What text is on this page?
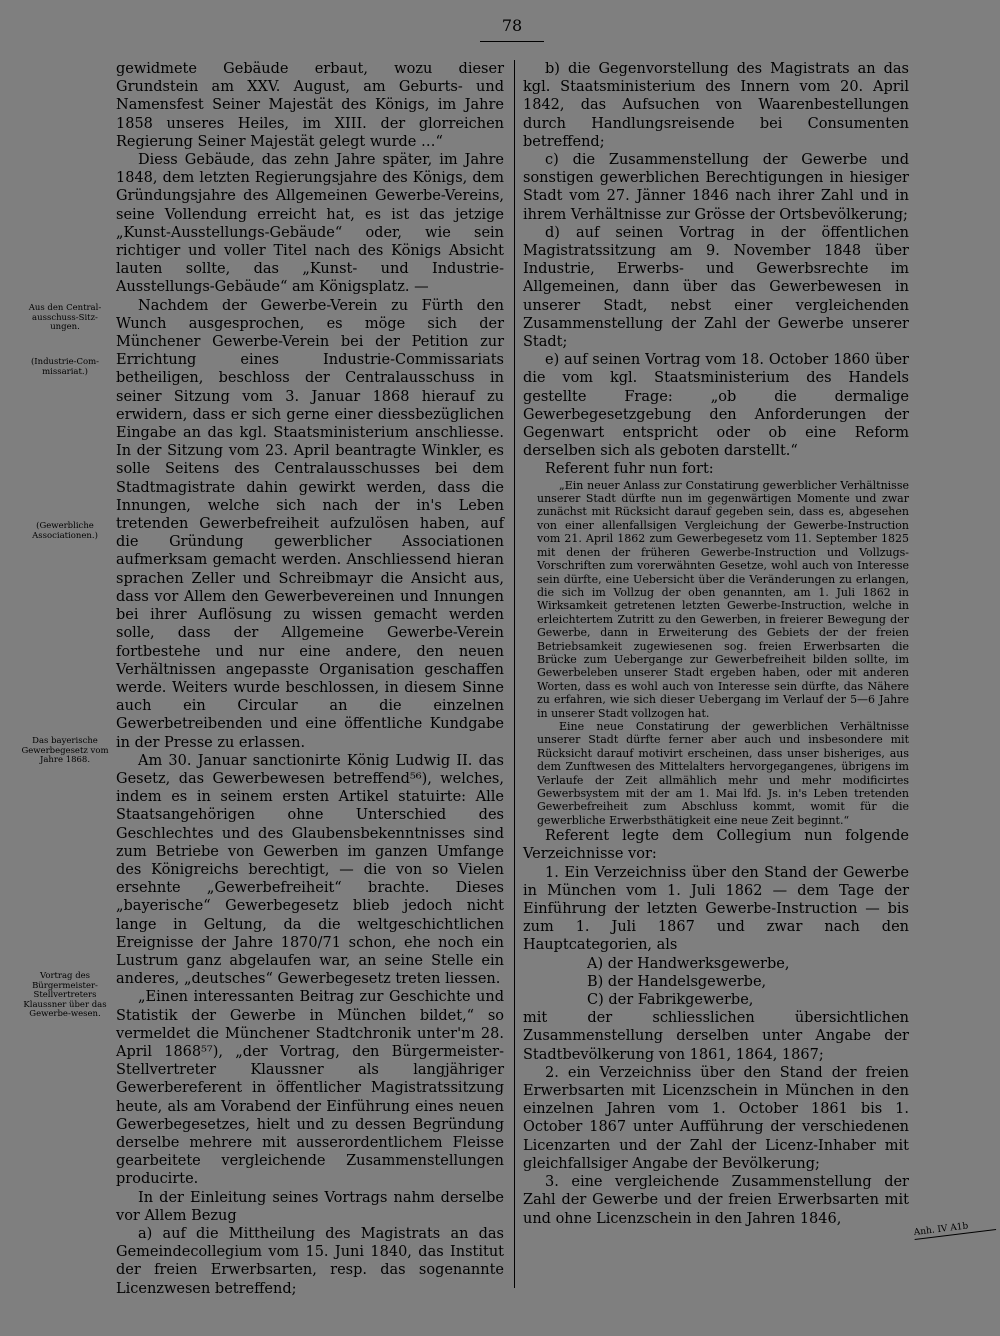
78
Aus den Central-ausschuss-Sitz-ungen.
(Industrie-Com-missariat.)
(Gewerbliche Associationen.)
Das bayerische Gewerbegesetz vom Jahre 1868.
Vortrag des Bürgermeister-Stellvertreters Klaussner über das Gewerbe-wesen.
Anh. IV A1b

gewidmete Gebäude erbaut, wozu dieser Grundstein am XXV. August, am Geburts- und Namensfest Seiner Majestät des Königs, im Jahre 1858 unseres Heiles, im XIII. der glorreichen Regierung Seiner Majestät gelegt wurde …“

Diess Gebäude, das zehn Jahre später, im Jahre 1848, dem letzten Regierungsjahre des Königs, dem Gründungsjahre des Allgemeinen Gewerbe-Vereins, seine Vollendung erreicht hat, es ist das jetzige „Kunst-Ausstellungs-Gebäude“ oder, wie sein richtiger und voller Titel nach des Königs Absicht lauten sollte, das „Kunst- und Industrie-Ausstellungs-Gebäude“ am Königsplatz. —

Nachdem der Gewerbe-Verein zu Fürth den Wunch ausgesprochen, es möge sich der Münchener Gewerbe-Verein bei der Petition zur Errichtung eines Industrie-Commissariats betheiligen, beschloss der Centralausschuss in seiner Sitzung vom 3. Januar 1868 hierauf zu erwidern, dass er sich gerne einer diessbezüglichen Eingabe an das kgl. Staatsministerium anschliesse. In der Sitzung vom 23. April beantragte Winkler, es solle Seitens des Centralausschusses bei dem Stadtmagistrate dahin gewirkt werden, dass die Innungen, welche sich nach der in's Leben tretenden Gewerbefreiheit aufzulösen haben, auf die Gründung gewerblicher Associationen aufmerksam gemacht werden. Anschliessend hieran sprachen Zeller und Schreibmayr die Ansicht aus, dass vor Allem den Gewerbevereinen und Innungen bei ihrer Auflösung zu wissen gemacht werden solle, dass der Allgemeine Gewerbe-Verein fortbestehe und nur eine andere, den neuen Verhältnissen angepasste Organisation geschaffen werde. Weiters wurde beschlossen, in diesem Sinne auch ein Circular an die einzelnen Gewerbetreibenden und eine öffentliche Kundgabe in der Presse zu erlassen.

Am 30. Januar sanctionirte König Ludwig II. das Gesetz, das Gewerbewesen betreffend⁵⁶), welches, indem es in seinem ersten Artikel statuirte: Alle Staatsangehörigen ohne Unterschied des Geschlechtes und des Glaubensbekenntnisses sind zum Betriebe von Gewerben im ganzen Umfange des Königreichs berechtigt, — die von so Vielen ersehnte „Gewerbefreiheit“ brachte. Dieses „bayerische“ Gewerbegesetz blieb jedoch nicht lange in Geltung, da die weltgeschichtlichen Ereignisse der Jahre 1870/71 schon, ehe noch ein Lustrum ganz abgelaufen war, an seine Stelle ein anderes, „deutsches“ Gewerbegesetz treten liessen.

„Einen interessanten Beitrag zur Geschichte und Statistik der Gewerbe in München bildet,“ so vermeldet die Münchener Stadtchronik unter'm 28. April 1868⁵⁷), „der Vortrag, den Bürgermeister-Stellvertreter Klaussner als langjähriger Gewerbereferent in öffentlicher Magistratssitzung heute, als am Vorabend der Einführung eines neuen Gewerbegesetzes, hielt und zu dessen Begründung derselbe mehrere mit ausserordentlichem Fleisse gearbeitete vergleichende Zusammenstellungen producirte.

In der Einleitung seines Vortrags nahm derselbe vor Allem Bezug

a) auf die Mittheilung des Magistrats an das Gemeindecollegium vom 15. Juni 1840, das Institut der freien Erwerbsarten, resp. das sogenannte Licenzwesen betreffend;

b) die Gegenvorstellung des Magistrats an das kgl. Staatsministerium des Innern vom 20. April 1842, das Aufsuchen von Waarenbestellungen durch Handlungsreisende bei Consumenten betreffend;

c) die Zusammenstellung der Gewerbe und sonstigen gewerblichen Berechtigungen in hiesiger Stadt vom 27. Jänner 1846 nach ihrer Zahl und in ihrem Verhältnisse zur Grösse der Ortsbevölkerung;

d) auf seinen Vortrag in der öffentlichen Magistratssitzung am 9. November 1848 über Industrie, Erwerbs- und Gewerbsrechte im Allgemeinen, dann über das Gewerbewesen in unserer Stadt, nebst einer vergleichenden Zusammenstellung der Zahl der Gewerbe unserer Stadt;

e) auf seinen Vortrag vom 18. October 1860 über die vom kgl. Staatsministerium des Handels gestellte Frage: „ob die dermalige Gewerbegesetzgebung den Anforderungen der Gegenwart entspricht oder ob eine Reform derselben sich als geboten darstellt.“

Referent fuhr nun fort:

„Ein neuer Anlass zur Constatirung gewerblicher Verhältnisse unserer Stadt dürfte nun im gegenwärtigen Momente und zwar zunächst mit Rücksicht darauf gegeben sein, dass es, abgesehen von einer allenfallsigen Vergleichung der Gewerbe-Instruction vom 21. April 1862 zum Gewerbegesetz vom 11. September 1825 mit denen der früheren Gewerbe-Instruction und Vollzugs-Vorschriften zum vorerwähnten Gesetze, wohl auch von Interesse sein dürfte, eine Uebersicht über die Veränderungen zu erlangen, die sich im Vollzug der oben genannten, am 1. Juli 1862 in Wirksamkeit getretenen letzten Gewerbe-Instruction, welche in erleichtertem Zutritt zu den Gewerben, in freierer Bewegung der Gewerbe, dann in Erweiterung des Gebiets der der freien Betriebsamkeit zugewiesenen sog. freien Erwerbsarten die Brücke zum Uebergange zur Gewerbefreiheit bilden sollte, im Gewerbeleben unserer Stadt ergeben haben, oder mit anderen Worten, dass es wohl auch von Interesse sein dürfte, das Nähere zu erfahren, wie sich dieser Uebergang im Verlauf der 5—6 Jahre in unserer Stadt vollzogen hat.

Eine neue Constatirung der gewerblichen Verhältnisse unserer Stadt dürfte ferner aber auch und insbesondere mit Rücksicht darauf motivirt erscheinen, dass unser bisheriges, aus dem Zunftwesen des Mittelalters hervorgegangenes, übrigens im Verlaufe der Zeit allmählich mehr und mehr modificirtes Gewerbsystem mit der am 1. Mai lfd. Js. in's Leben tretenden Gewerbefreiheit zum Abschluss kommt, womit für die gewerbliche Erwerbsthätigkeit eine neue Zeit beginnt.“

Referent legte dem Collegium nun folgende Verzeichnisse vor:

1. Ein Verzeichniss über den Stand der Gewerbe in München vom 1. Juli 1862 — dem Tage der Einführung der letzten Gewerbe-Instruction — bis zum 1. Juli 1867 und zwar nach den Hauptcategorien, als

A) der Handwerksgewerbe,

B) der Handelsgewerbe,

C) der Fabrikgewerbe,

mit der schliesslichen übersichtlichen Zusammenstellung derselben unter Angabe der Stadtbevölkerung von 1861, 1864, 1867;

2. ein Verzeichniss über den Stand der freien Erwerbsarten mit Licenzschein in München in den einzelnen Jahren vom 1. October 1861 bis 1. October 1867 unter Aufführung der verschiedenen Licenzarten und der Zahl der Licenz-Inhaber mit gleichfallsiger Angabe der Bevölkerung;

3. eine vergleichende Zusammenstellung der Zahl der Gewerbe und der freien Erwerbsarten mit und ohne Licenzschein in den Jahren 1846,
